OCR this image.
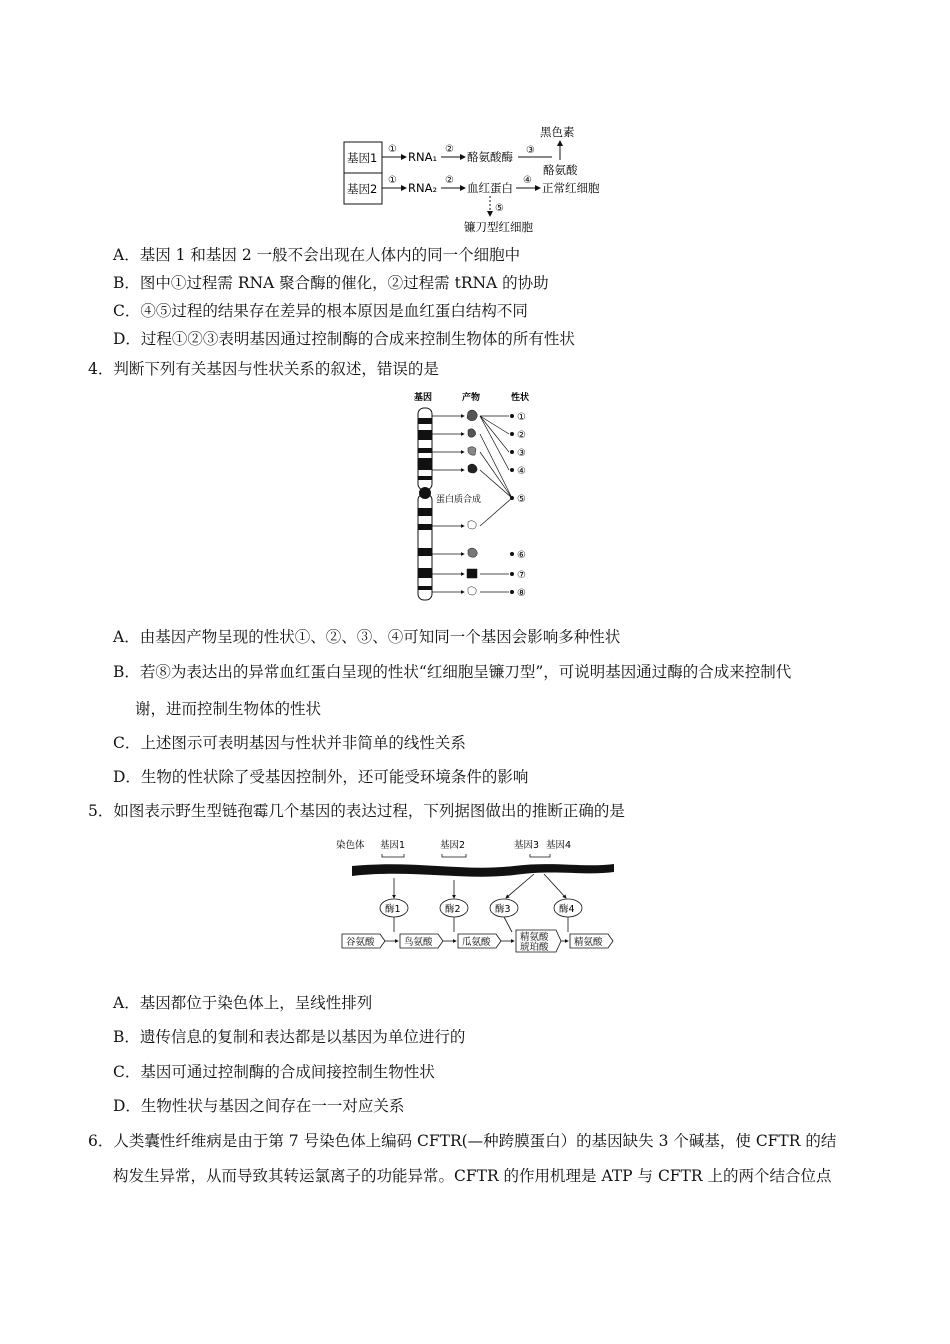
基因1
基因2
①
RNA₁
②
酪氨酸酶 ③
黑色素
酪氨酸
①
RNA₂
②
血红蛋白
④
正常红细胞
⑤
镰刀型红细胞
A．基因 1 和基因 2 一般不会出现在人体内的同一个细胞中
B．图中①过程需 RNA 聚合酶的催化，②过程需 tRNA 的协助
C．④⑤过程的结果存在差异的根本原因是血红蛋白结构不同
D．过程①②③表明基因通过控制酶的合成来控制生物体的所有性状
4．判断下列有关基因与性状关系的叙述，错误的是
基因	产物	性状
蛋白质合成
①
②
③
④
⑤
⑥
⑦
⑧
A．由基因产物呈现的性状①、②、③、④可知同一个基因会影响多种性状
B．若⑧为表达出的异常血红蛋白呈现的性状“红细胞呈镰刀型”，可说明基因通过酶的合成来控制代
谢，进而控制生物体的性状
C．上述图示可表明基因与性状并非简单的线性关系
D．生物的性状除了受基因控制外，还可能受环境条件的影响
5．如图表示野生型链孢霉几个基因的表达过程，下列据图做出的推断正确的是
染色体 基因1	基因2	基因3 基因4
酶1	酶2	酶3	酶4
谷氨酸	鸟氨酸	瓜氨酸	精氨酸
琥珀酸	精氨酸
A．基因都位于染色体上，呈线性排列
B．遗传信息的复制和表达都是以基因为单位进行的
C．基因可通过控制酶的合成间接控制生物性状
D．生物性状与基因之间存在一一对应关系
6．人类囊性纤维病是由于第 7 号染色体上编码 CFTR(—种跨膜蛋白）的基因缺失 3 个碱基，使 CFTR 的结
构发生异常，从而导致其转运氯离子的功能异常。CFTR 的作用机理是 ATP 与 CFTR 上的两个结合位点
